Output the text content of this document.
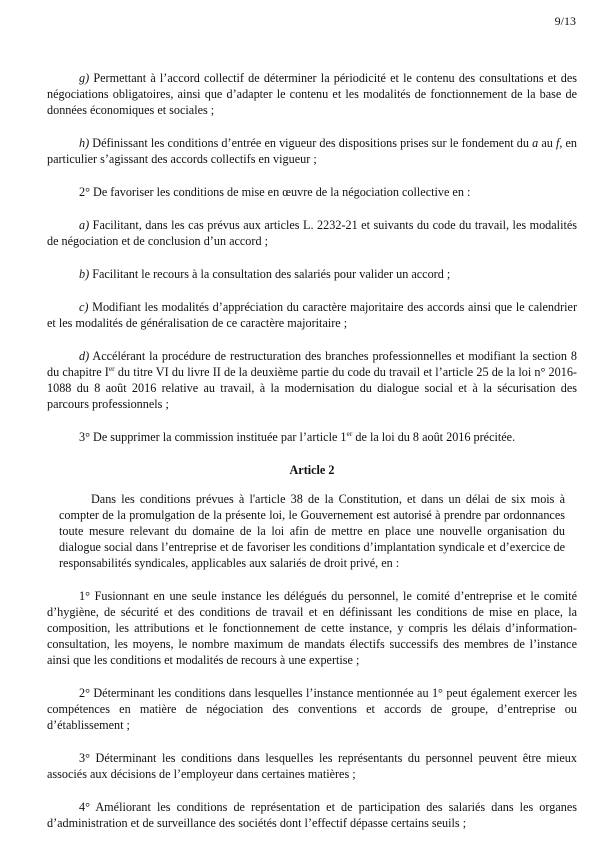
9/13

g) Permettant à l’accord collectif de déterminer la périodicité et le contenu des consultations et des négociations obligatoires, ainsi que d’adapter le contenu et les modalités de fonctionnement de la base de données économiques et sociales ;

h) Définissant les conditions d’entrée en vigueur des dispositions prises sur le fondement du a au f, en particulier s’agissant des accords collectifs en vigueur ;

2° De favoriser les conditions de mise en œuvre de la négociation collective en :

a) Facilitant, dans les cas prévus aux articles L. 2232-21 et suivants du code du travail, les modalités de négociation et de conclusion d’un accord ;

b) Facilitant le recours à la consultation des salariés pour valider un accord ;

c) Modifiant les modalités d’appréciation du caractère majoritaire des accords ainsi que le calendrier et les modalités de généralisation de ce caractère majoritaire ;

d) Accélérant la procédure de restructuration des branches professionnelles et modifiant la section 8 du chapitre Ier du titre VI du livre II de la deuxième partie du code du travail et l’article 25 de la loi n° 2016-1088 du 8 août 2016 relative au travail, à la modernisation du dialogue social et à la sécurisation des parcours professionnels ;

3° De supprimer la commission instituée par l’article 1er de la loi du 8 août 2016 précitée.

Article 2

Dans les conditions prévues à l'article 38 de la Constitution, et dans un délai de six mois à compter de la promulgation de la présente loi, le Gouvernement est autorisé à prendre par ordonnances toute mesure relevant du domaine de la loi afin de mettre en place une nouvelle organisation du dialogue social dans l’entreprise et de favoriser les conditions d’implantation syndicale et d’exercice de responsabilités syndicales, applicables aux salariés de droit privé, en :

1° Fusionnant en une seule instance les délégués du personnel, le comité d’entreprise et le comité d’hygiène, de sécurité et des conditions de travail et en définissant les conditions de mise en place, la composition, les attributions et le fonctionnement de cette instance, y compris les délais d’information-consultation, les moyens, le nombre maximum de mandats électifs successifs des membres de l’instance ainsi que les conditions et modalités de recours à une expertise ;

2° Déterminant les conditions dans lesquelles l’instance mentionnée au 1° peut également exercer les compétences en matière de négociation des conventions et accords de groupe, d’entreprise ou d’établissement ;

3° Déterminant les conditions dans lesquelles les représentants du personnel peuvent être mieux associés aux décisions de l’employeur dans certaines matières ;

4° Améliorant les conditions de représentation et de participation des salariés dans les organes d’administration et de surveillance des sociétés dont l’effectif dépasse certains seuils ;
